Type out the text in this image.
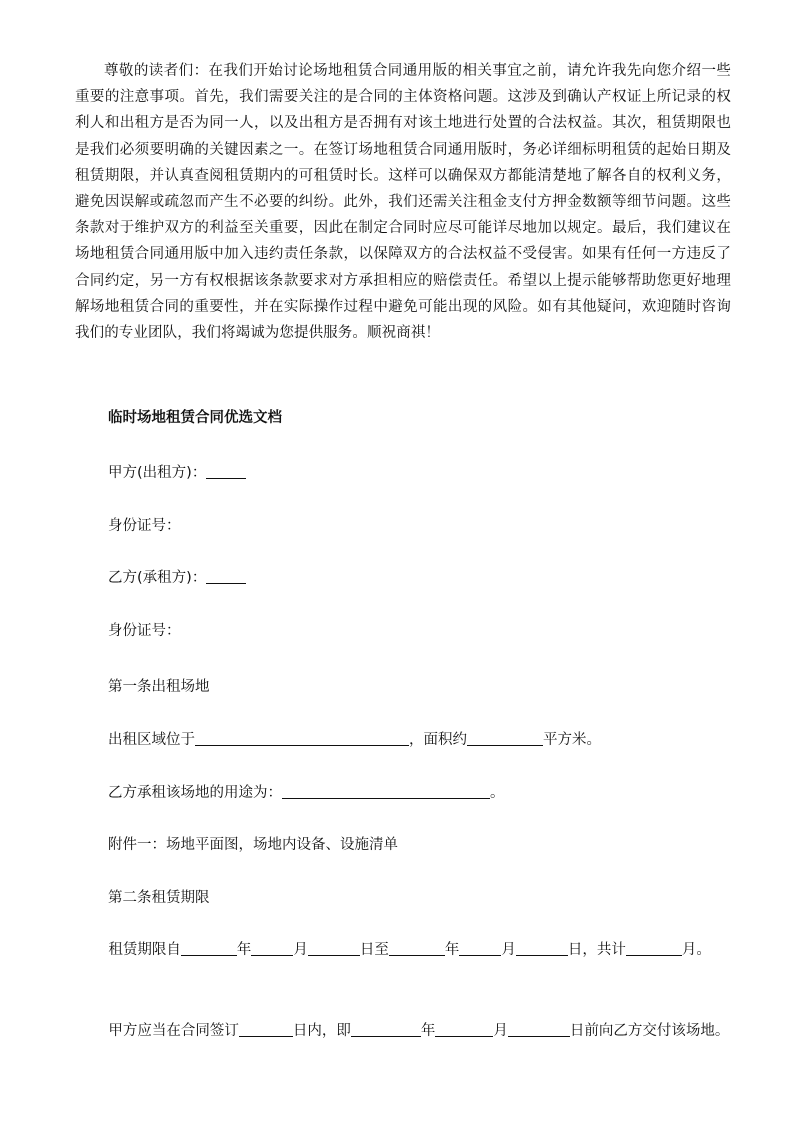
尊敬的读者们：在我们开始讨论场地租赁合同通用版的相关事宜之前，请允许我先向您介绍一些重要的注意事项。首先，我们需要关注的是合同的主体资格问题。这涉及到确认产权证上所记录的权利人和出租方是否为同一人，以及出租方是否拥有对该土地进行处置的合法权益。其次，租赁期限也是我们必须要明确的关键因素之一。在签订场地租赁合同通用版时，务必详细标明租赁的起始日期及租赁期限，并认真查阅租赁期内的可租赁时长。这样可以确保双方都能清楚地了解各自的权利义务，避免因误解或疏忽而产生不必要的纠纷。此外，我们还需关注租金支付方押金数额等细节问题。这些条款对于维护双方的利益至关重要，因此在制定合同时应尽可能详尽地加以规定。最后，我们建议在场地租赁合同通用版中加入违约责任条款，以保障双方的合法权益不受侵害。如果有任何一方违反了合同约定，另一方有权根据该条款要求对方承担相应的赔偿责任。希望以上提示能够帮助您更好地理解场地租赁合同的重要性，并在实际操作过程中避免可能出现的风险。如有其他疑问，欢迎随时咨询我们的专业团队，我们将竭诚为您提供服务。顺祝商祺！

临时场地租赁合同优选文档

甲方(出租方)：

身份证号：

乙方(承租方)：

身份证号：

第一条出租场地

出租区域位于	，面积约	平方米。

乙方承租该场地的用途为：	。

附件一：场地平面图，场地内设备、设施清单

第二条租赁期限

租赁期限自	年	月	日至	年	月	日，共计	月。

甲方应当在合同签订	日内，即	年	月	日前向乙方交付该场地。
